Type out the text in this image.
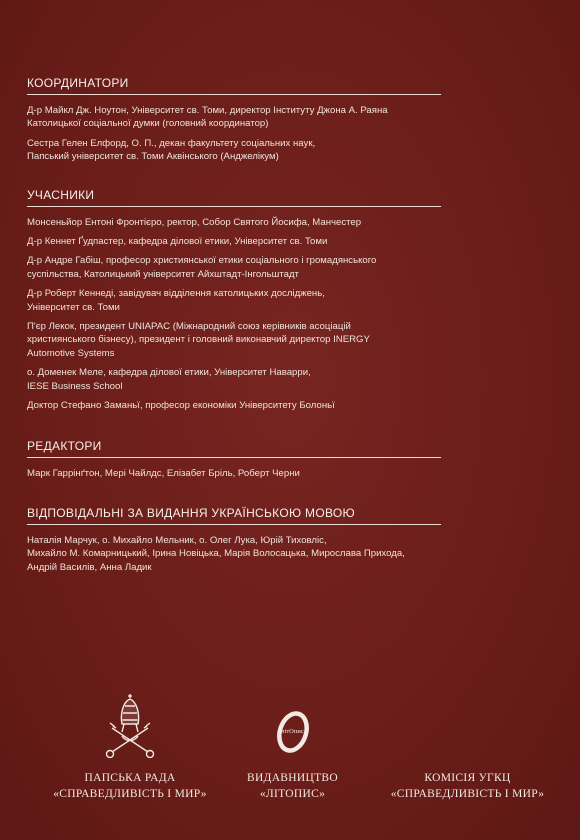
КООРДИНАТОРИ

Д-р Майкл Дж. Ноутон, Університет св. Томи, директор Інституту Джона А. Раяна
Католицької соціальної думки (головний координатор)

Сестра Гелен Елфорд, О. П., декан факультету соціальних наук,
Папський університет св. Томи Аквінського (Анджелікум)

УЧАСНИКИ

Монсеньйор Ентоні Фронтієро, ректор, Собор Святого Йосифа, Манчестер

Д-р Кеннет Ґудпастер, кафедра ділової етики, Університет св. Томи

Д-р Андре Габіш, професор християнської етики соціального і громадянського
суспільства, Католицький університет Айхштадт-Інгольштадт

Д-р Роберт Кеннеді, завідувач відділення католицьких досліджень,
Університет св. Томи

П'єр Лекок, президент UNIAPAC (Міжнародний союз керівників асоціацій
християнського бізнесу), президент і головний виконавчий директор INERGY
Automotive Systems

о. Доменек Меле, кафедра ділової етики, Університет Наварри,
IESE Business School

Доктор Стефано Заманьї, професор економіки Університету Болоньї

РЕДАКТОРИ

Марк Гаррінґтон, Мері Чайлдс, Елізабет Бріль, Роберт Черни

ВІДПОВІДАЛЬНІ ЗА ВИДАННЯ УКРАЇНСЬКОЮ МОВОЮ

Наталія Марчук, о. Михайло Мельник, о. Олег Лука, Юрій Тиховліс,
Михайло М. Комарницький, Ірина Новіцька, Марія Волосацька, Мирослава Прихода,
Андрій Василів, Анна Ладик

ПАПСЬКА РАДА
«СПРАВЕДЛИВІСТЬ І МИР»
літОпис
ВИДАВНИЦТВО
«ЛІТОПИС»
КОМІСІЯ УГКЦ
«СПРАВЕДЛИВІСТЬ І МИР»
